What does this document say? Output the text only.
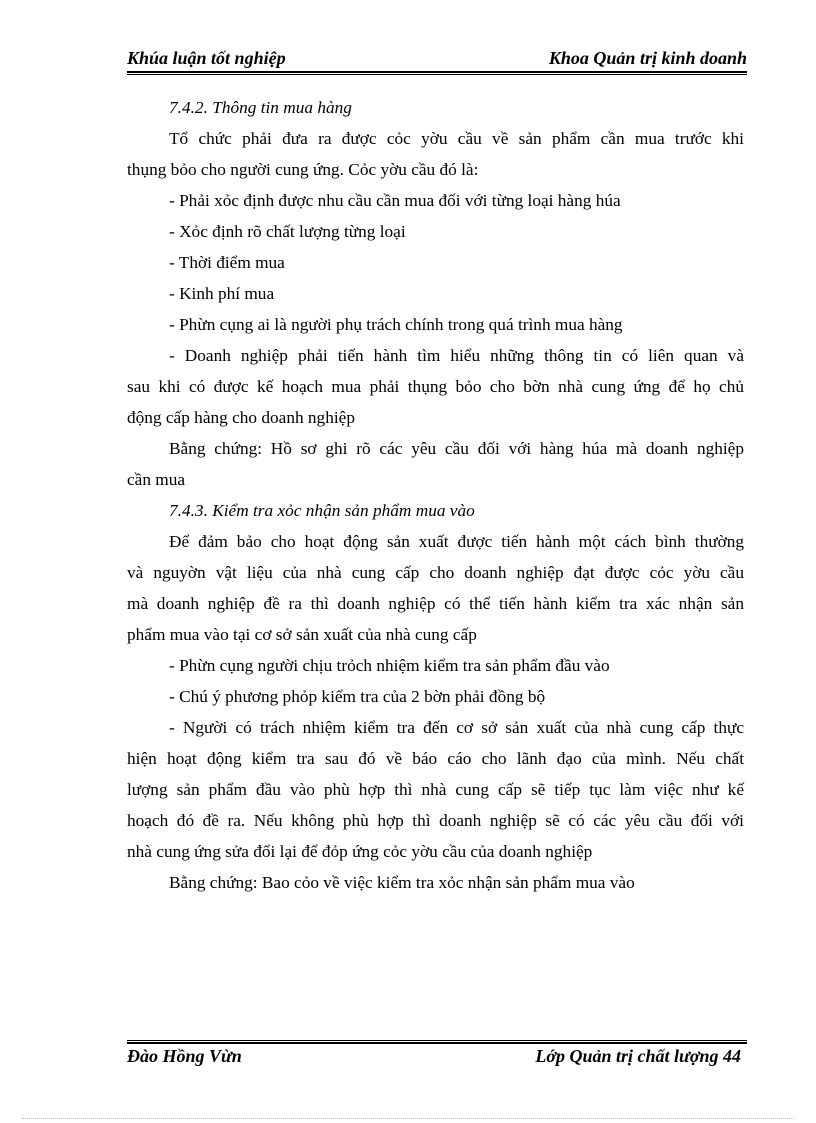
Khúa luận tốt nghiệp	Khoa Quản trị kinh doanh
7.4.2. Thông tin mua hàng
Tổ chức phải đưa ra được cỏc yờu cầu về sản phẩm cần mua trước khi
thụng bỏo cho người cung ứng. Cỏc yờu cầu đó là:
- Phải xỏc định được nhu cầu cần mua đối với từng loại hàng húa
- Xỏc định rõ chất lượng từng loại
- Thời điểm mua
- Kinh phí mua
- Phừn cụng ai là người phụ trách chính trong quá trình mua hàng
- Doanh nghiệp phải tiến hành tìm hiểu những thông tin có liên quan và
sau khi có được kế hoạch mua phải thụng bỏo cho bờn nhà cung ứng để họ chủ
động cấp hàng cho doanh nghiệp
Bằng chứng: Hồ sơ ghi rõ các yêu cầu đối với hàng húa mà doanh nghiệp
cần mua
7.4.3. Kiểm tra xỏc nhận sản phẩm mua vào
Để đảm bảo cho hoạt động sản xuất được tiến hành một cách bình thường
và nguyờn vật liệu của nhà cung cấp cho doanh nghiệp đạt được cỏc yờu cầu
mà doanh nghiệp đề ra thì doanh nghiệp có thể tiến hành kiểm tra xác nhận sản
phẩm mua vào tại cơ sở sản xuất của nhà cung cấp
- Phừn cụng người chịu trỏch nhiệm kiểm tra sản phẩm đầu vào
- Chú ý phương phỏp kiểm tra của 2 bờn phải đồng bộ
- Người có trách nhiệm kiểm tra đến cơ sở sản xuất của nhà cung cấp thực
hiện hoạt động kiểm tra sau đó về báo cáo cho lãnh đạo của mình. Nếu chất
lượng sản phẩm đầu vào phù hợp thì nhà cung cấp sẽ tiếp tục làm việc như kế
hoạch đó đề ra. Nếu không phù hợp thì doanh nghiệp sẽ có các yêu cầu đối với
nhà cung ứng sửa đổi lại để đỏp ứng cỏc yờu cầu của doanh nghiệp
Bằng chứng: Bao cỏo về việc kiểm tra xỏc nhận sản phẩm mua vào
Đào Hồng Vừn	Lớp Quản trị chất lượng 44
